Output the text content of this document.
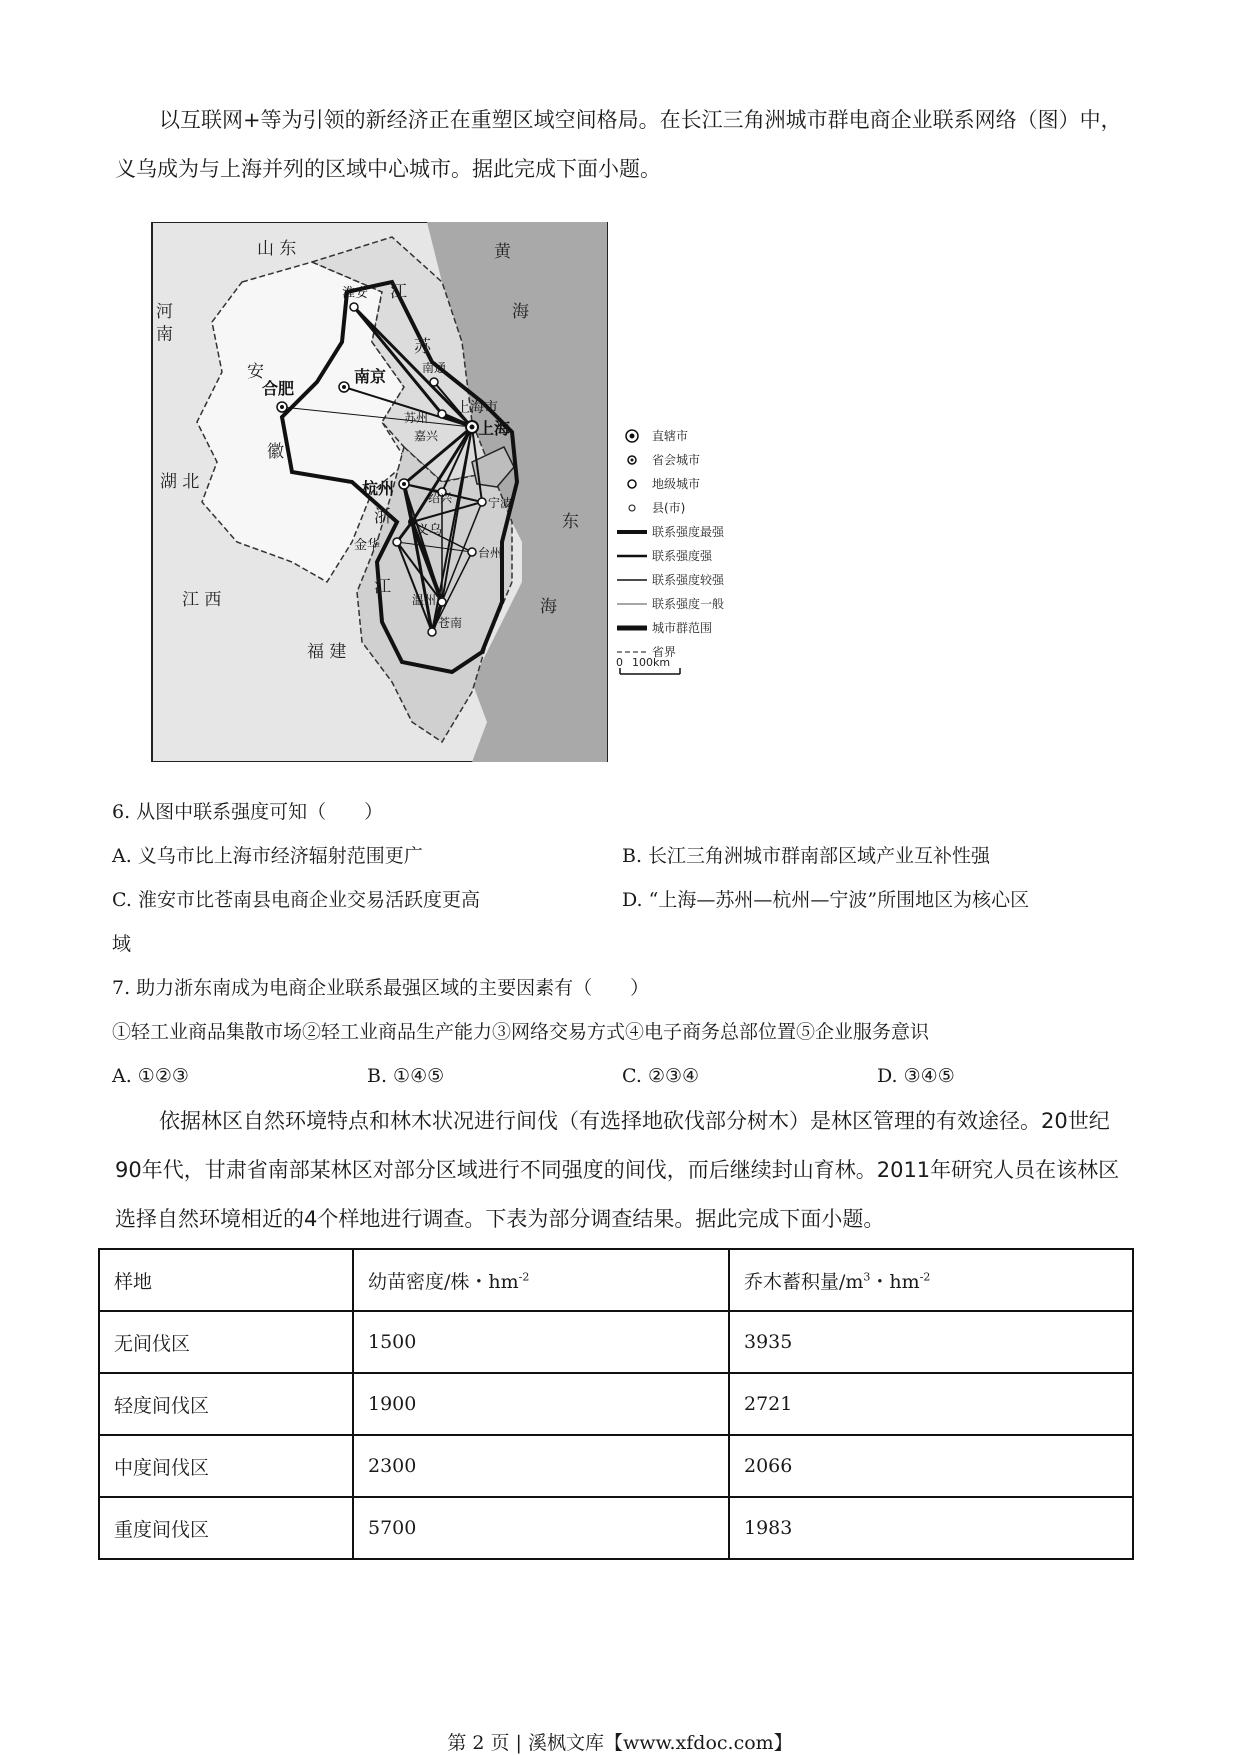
以互联网+等为引领的新经济正在重塑区域空间格局。在长江三角洲城市群电商企业联系网络（图）中，义乌成为与上海并列的区域中心城市。据此完成下面小题。

山 东
河 南
江
苏
安
徽
湖 北
浙
江
江 西
福 建
黄
海
东
海
淮安
南京
合肥
南通
苏州
嘉兴
上海市
上海
杭州	绍兴
义乌
金华
宁波
台州
温州
苍南
直辖市
省会城市
地级城市
县(市)
联系强度最强
联系强度强
联系强度较强
联系强度一般
城市群范围
省界
0 100km
6. 从图中联系强度可知（　　）
A. 义乌市比上海市经济辐射范围更广	B. 长江三角洲城市群南部区域产业互补性强
C. 淮安市比苍南县电商企业交易活跃度更高	D. “上海—苏州—杭州—宁波”所围地区为核心区
域
7. 助力浙东南成为电商企业联系最强区域的主要因素有（　　）
①轻工业商品集散市场②轻工业商品生产能力③网络交易方式④电子商务总部位置⑤企业服务意识
A. ①②③	B. ①④⑤	C. ②③④	D. ③④⑤

依据林区自然环境特点和林木状况进行间伐（有选择地砍伐部分树木）是林区管理的有效途径。20世纪90年代，甘肃省南部某林区对部分区域进行不同强度的间伐，而后继续封山育林。2011年研究人员在该林区选择自然环境相近的4个样地进行调查。下表为部分调查结果。据此完成下面小题。

样地	幼苗密度/株・$hm^{-2}$	乔木蓄积量$/m^3$・$hm^{-2}$
无间伐区	1500	3935
轻度间伐区	1900	2721
中度间伐区	2300	2066
重度间伐区	5700	1983
第 2 页 | 溪枫文库【www.xfdoc.com】
